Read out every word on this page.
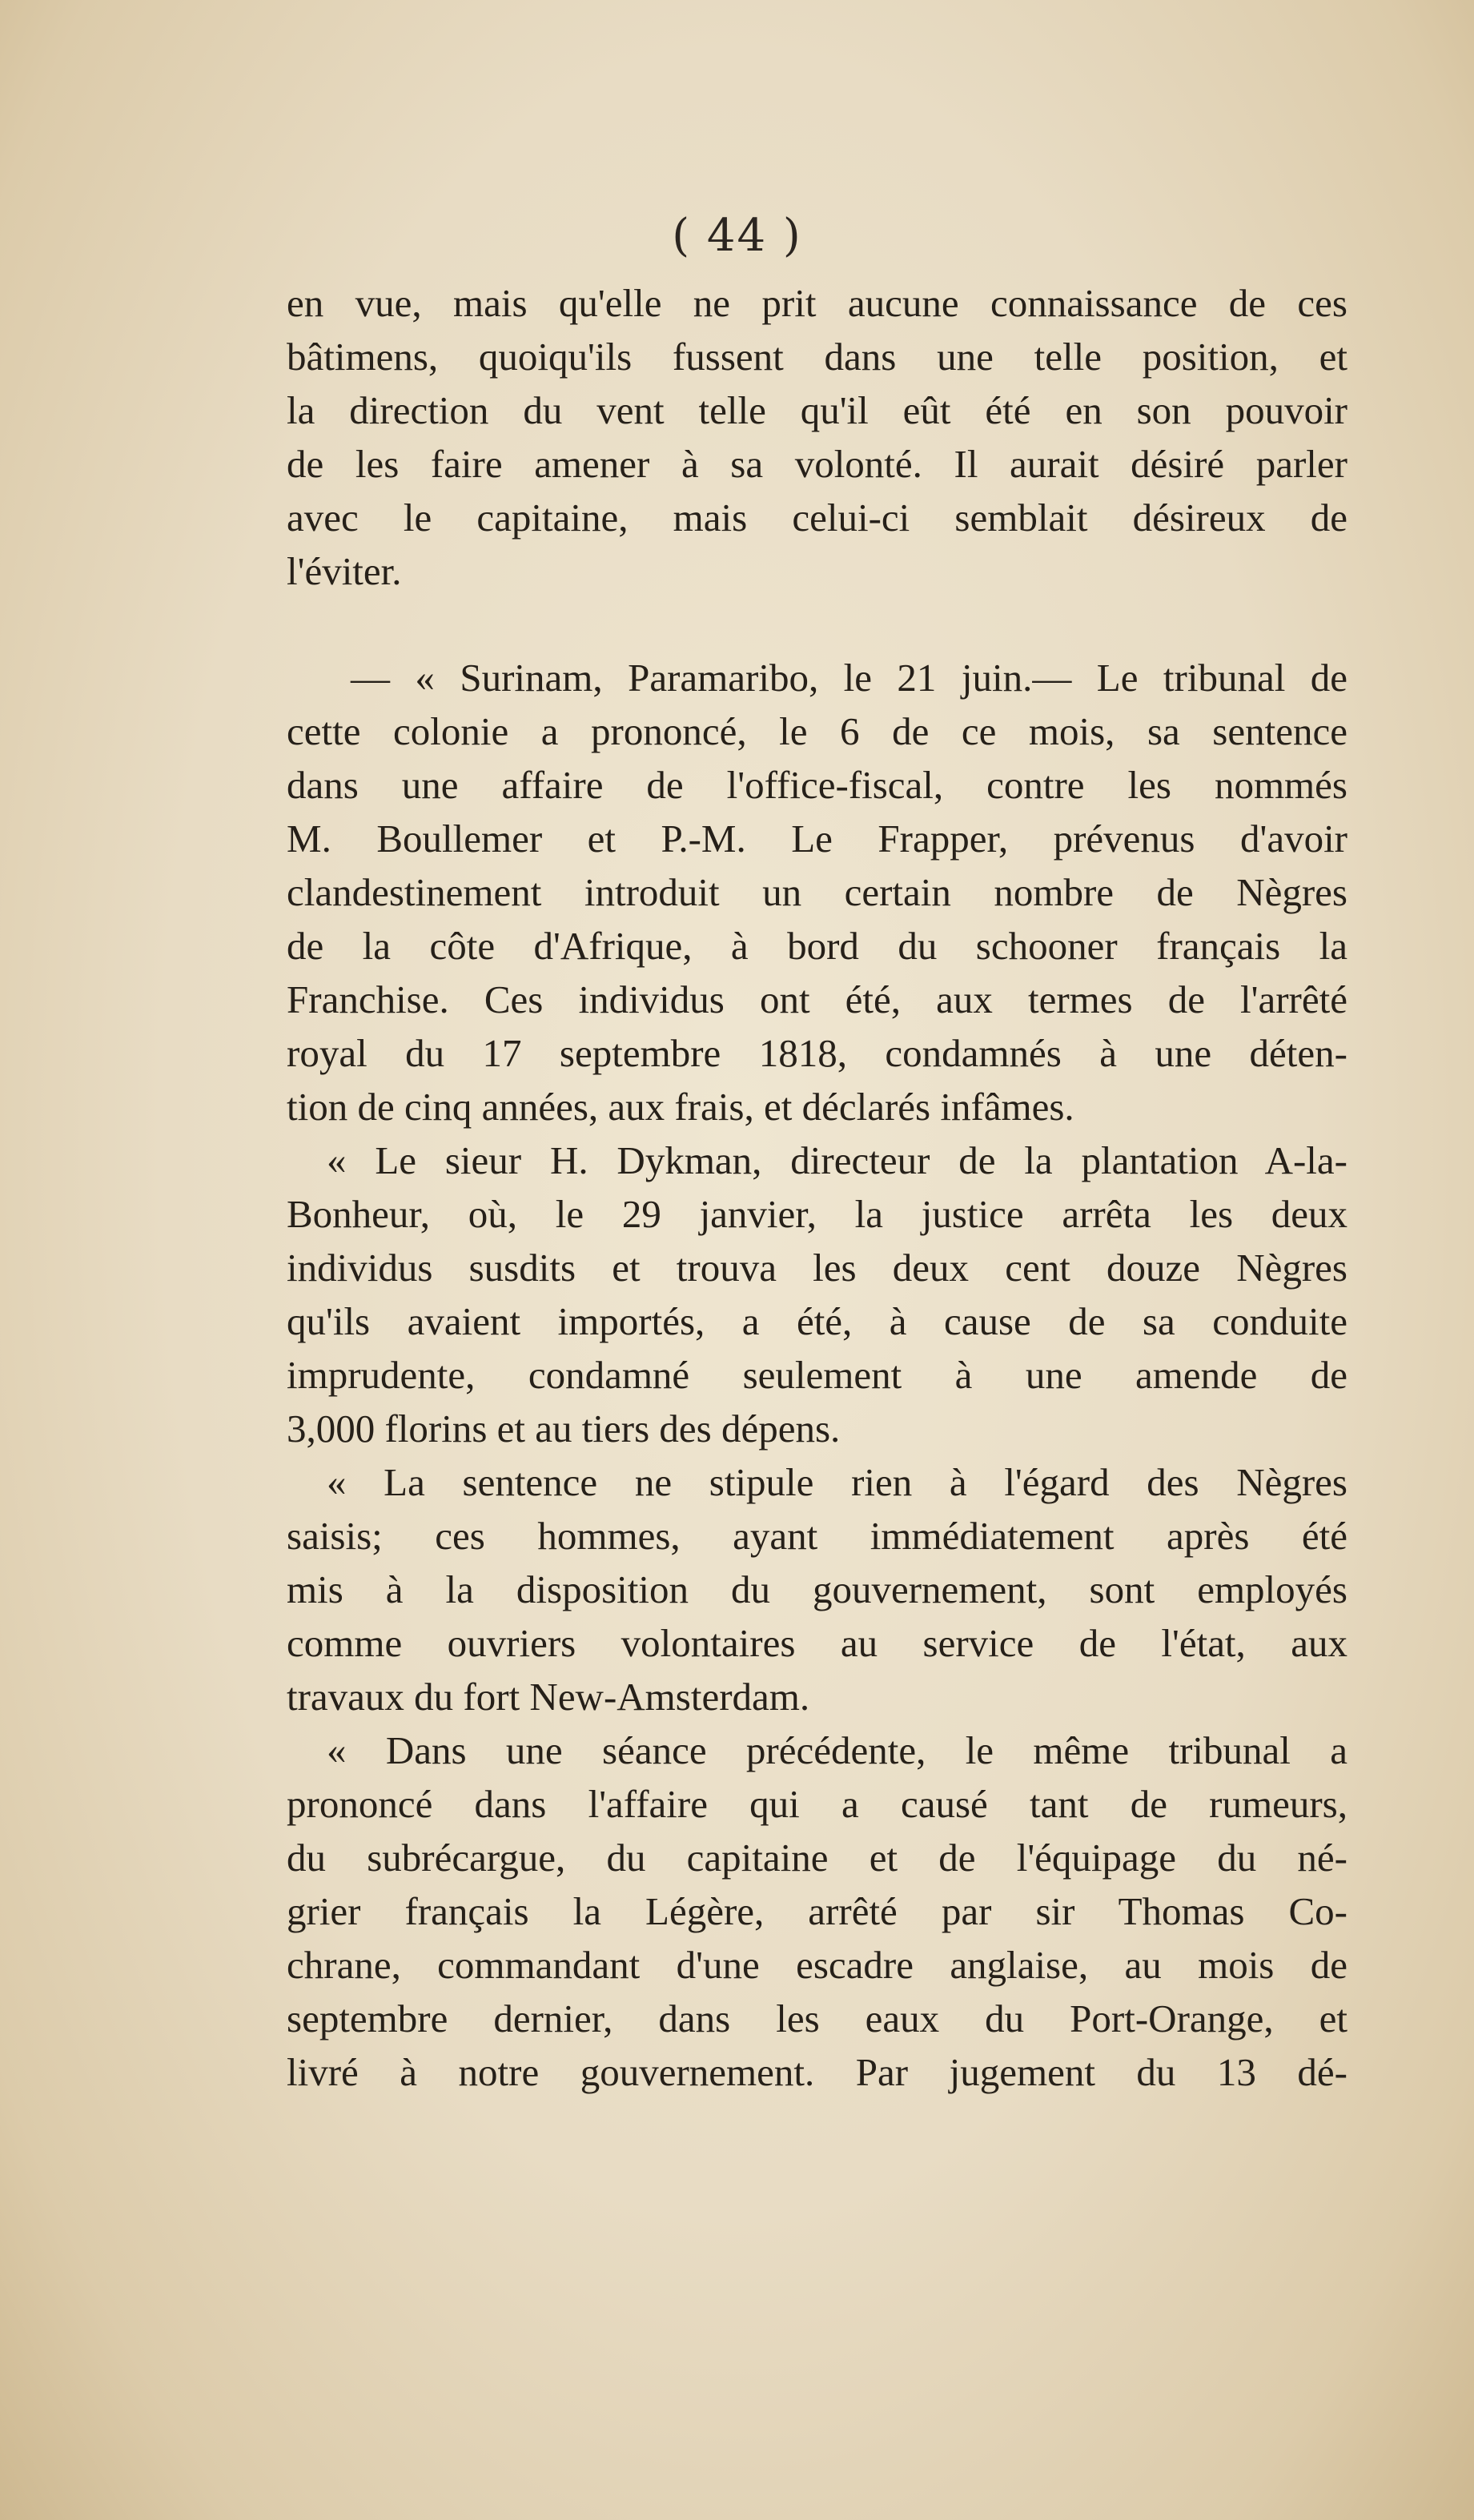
( 44 )
en vue, mais qu'elle ne prit aucune connaissance de ces
bâtimens, quoiqu'ils fussent dans une telle position, et
la direction du vent telle qu'il eût été en son pouvoir
de les faire amener à sa volonté. Il aurait désiré parler
avec le capitaine, mais celui-ci semblait désireux de
l'éviter.
— « Surinam, Paramaribo, le 21 juin.— Le tribunal de
cette colonie a prononcé, le 6 de ce mois, sa sentence
dans une affaire de l'office-fiscal, contre les nommés
M. Boullemer et P.-M. Le Frapper, prévenus d'avoir
clandestinement introduit un certain nombre de Nègres
de la côte d'Afrique, à bord du schooner français la
Franchise. Ces individus ont été, aux termes de l'arrêté
royal du 17 septembre 1818, condamnés à une déten-
tion de cinq années, aux frais, et déclarés infâmes.
« Le sieur H. Dykman, directeur de la plantation A-la-
Bonheur, où, le 29 janvier, la justice arrêta les deux
individus susdits et trouva les deux cent douze Nègres
qu'ils avaient importés, a été, à cause de sa conduite
imprudente, condamné seulement à une amende de
3,000 florins et au tiers des dépens.
« La sentence ne stipule rien à l'égard des Nègres
saisis; ces hommes, ayant immédiatement après été
mis à la disposition du gouvernement, sont employés
comme ouvriers volontaires au service de l'état, aux
travaux du fort New-Amsterdam.
« Dans une séance précédente, le même tribunal a
prononcé dans l'affaire qui a causé tant de rumeurs,
du subrécargue, du capitaine et de l'équipage du né-
grier français la Légère, arrêté par sir Thomas Co-
chrane, commandant d'une escadre anglaise, au mois de
septembre dernier, dans les eaux du Port-Orange, et
livré à notre gouvernement. Par jugement du 13 dé-
